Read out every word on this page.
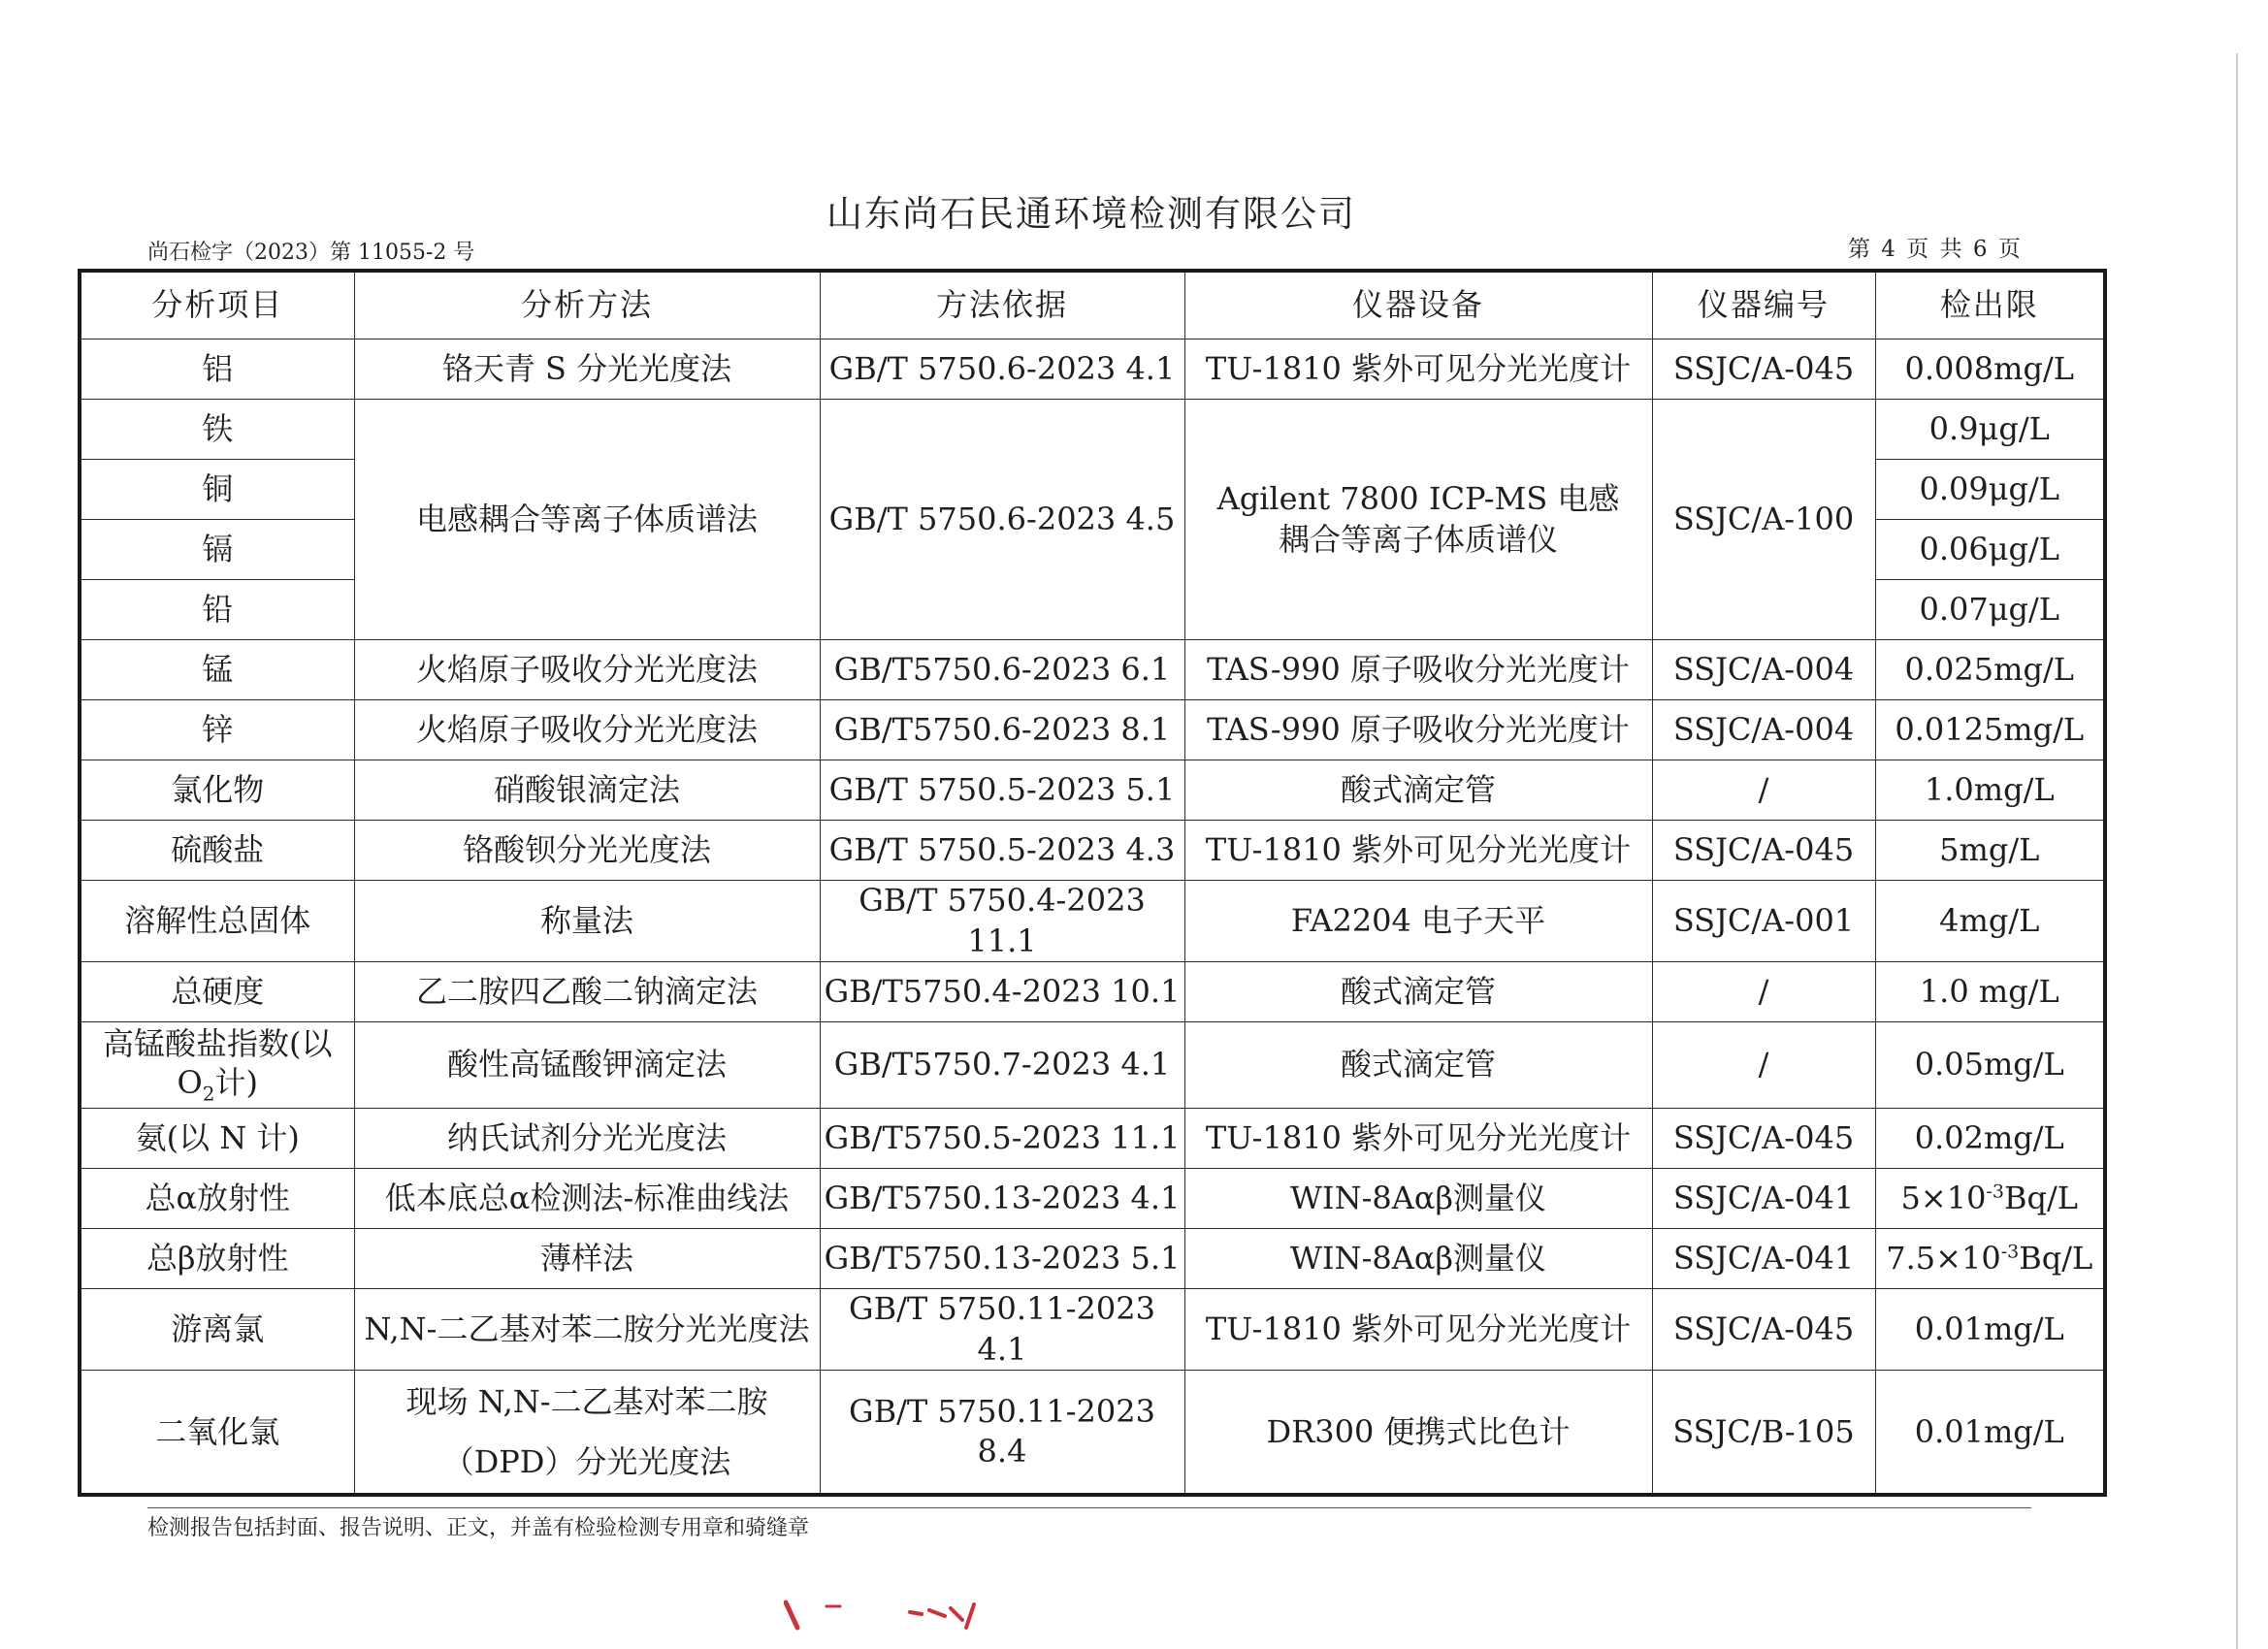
山东尚石民通环境检测有限公司
尚石检字（2023）第 11055-2 号	第 4 页 共 6 页
分析项目	分析方法	方法依据	仪器设备	仪器编号	检出限
铝	铬天青 S 分光光度法	GB/T 5750.6-2023 4.1	TU-1810 紫外可见分光光度计	SSJC/A-045	0.008mg/L
铁	电感耦合等离子体质谱法	GB/T 5750.6-2023 4.5	Agilent 7800 ICP-MS 电感耦合等离子体质谱仪	SSJC/A-100	0.9μg/L
铜					0.09μg/L
镉					0.06μg/L
铅					0.07μg/L
锰	火焰原子吸收分光光度法	GB/T5750.6-2023 6.1	TAS-990 原子吸收分光光度计	SSJC/A-004	0.025mg/L
锌	火焰原子吸收分光光度法	GB/T5750.6-2023 8.1	TAS-990 原子吸收分光光度计	SSJC/A-004	0.0125mg/L
氯化物	硝酸银滴定法	GB/T 5750.5-2023 5.1	酸式滴定管	/	1.0mg/L
硫酸盐	铬酸钡分光光度法	GB/T 5750.5-2023 4.3	TU-1810 紫外可见分光光度计	SSJC/A-045	5mg/L
溶解性总固体	称量法	GB/T 5750.4-2023 11.1	FA2204 电子天平	SSJC/A-001	4mg/L
总硬度	乙二胺四乙酸二钠滴定法	GB/T5750.4-2023 10.1	酸式滴定管	/	1.0 mg/L
高锰酸盐指数(以
$O_2$计)	酸性高锰酸钾滴定法	GB/T5750.7-2023 4.1	酸式滴定管	/	0.05mg/L
氨(以 N 计)	纳氏试剂分光光度法	GB/T5750.5-2023 11.1	TU-1810 紫外可见分光光度计	SSJC/A-045	0.02mg/L
总α放射性	低本底总α检测法-标准曲线法	GB/T5750.13-2023 4.1	WIN-8Aαβ测量仪	SSJC/A-041	$5\times 10^{-3}Bq/L$
总β放射性	薄样法	GB/T5750.13-2023 5.1	WIN-8Aαβ测量仪	SSJC/A-041	$7.5\times 10^{-3}Bq/L$
游离氯	N,N-二乙基对苯二胺分光光度法	GB/T 5750.11-2023 4.1	TU-1810 紫外可见分光光度计	SSJC/A-045	0.01mg/L
二氧化氯	现场 N,N-二乙基对苯二胺
（DPD）分光光度法	GB/T 5750.11-2023 8.4	DR300 便携式比色计	SSJC/B-105	0.01mg/L
检测报告包括封面、报告说明、正文，并盖有检验检测专用章和骑缝章
